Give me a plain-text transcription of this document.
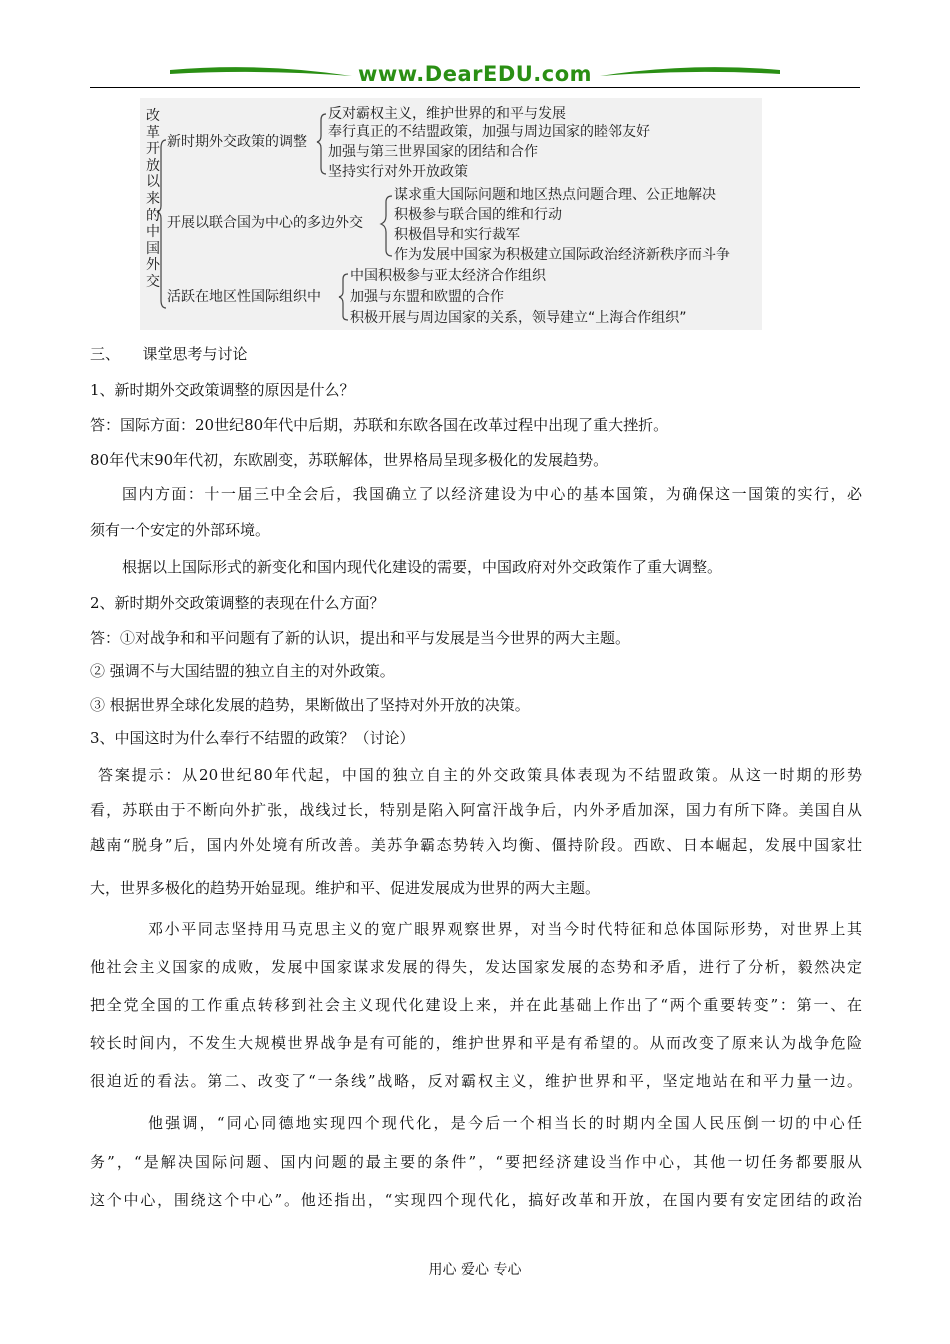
www.DearEDU.com
改革开放以来的中国外交
新时期外交政策的调整
反对霸权主义，维护世界的和平与发展
奉行真正的不结盟政策，加强与周边国家的睦邻友好
加强与第三世界国家的团结和合作
坚持实行对外开放政策
开展以联合国为中心的多边外交
谋求重大国际问题和地区热点问题合理、公正地解决
积极参与联合国的维和行动
积极倡导和实行裁军
作为发展中国家为积极建立国际政治经济新秩序而斗争
活跃在地区性国际组织中
中国积极参与亚太经济合作组织
加强与东盟和欧盟的合作
积极开展与周边国家的关系，领导建立“上海合作组织”

三、　　课堂思考与讨论

1、新时期外交政策调整的原因是什么？

答：国际方面：20世纪80年代中后期，苏联和东欧各国在改革过程中出现了重大挫折。

80年代末90年代初，东欧剧变，苏联解体，世界格局呈现多极化的发展趋势。

国内方面：十一届三中全会后，我国确立了以经济建设为中心的基本国策，为确保这一国策的实行，必

须有一个安定的外部环境。

根据以上国际形式的新变化和国内现代化建设的需要，中国政府对外交政策作了重大调整。

2、新时期外交政策调整的表现在什么方面？

答：①对战争和和平问题有了新的认识，提出和平与发展是当今世界的两大主题。

② 强调不与大国结盟的独立自主的对外政策。

③ 根据世界全球化发展的趋势，果断做出了坚持对外开放的决策。

3、中国这时为什么奉行不结盟的政策？（讨论）

答案提示：从20世纪80年代起，中国的独立自主的外交政策具体表现为不结盟政策。从这一时期的形势

看，苏联由于不断向外扩张，战线过长，特别是陷入阿富汗战争后，内外矛盾加深，国力有所下降。美国自从

越南“脱身”后，国内外处境有所改善。美苏争霸态势转入均衡、僵持阶段。西欧、日本崛起，发展中国家壮

大，世界多极化的趋势开始显现。维护和平、促进发展成为世界的两大主题。

邓小平同志坚持用马克思主义的宽广眼界观察世界，对当今时代特征和总体国际形势，对世界上其

他社会主义国家的成败，发展中国家谋求发展的得失，发达国家发展的态势和矛盾，进行了分析，毅然决定

把全党全国的工作重点转移到社会主义现代化建设上来，并在此基础上作出了“两个重要转变”：第一、在

较长时间内，不发生大规模世界战争是有可能的，维护世界和平是有希望的。从而改变了原来认为战争危险

很迫近的看法。第二、改变了“一条线”战略，反对霸权主义，维护世界和平，坚定地站在和平力量一边。

他强调，“同心同德地实现四个现代化，是今后一个相当长的时期内全国人民压倒一切的中心任

务”，“是解决国际问题、国内问题的最主要的条件”，“要把经济建设当作中心，其他一切任务都要服从

这个中心，围绕这个中心”。他还指出，“实现四个现代化，搞好改革和开放，在国内要有安定团结的政治

用心 爱心 专心
